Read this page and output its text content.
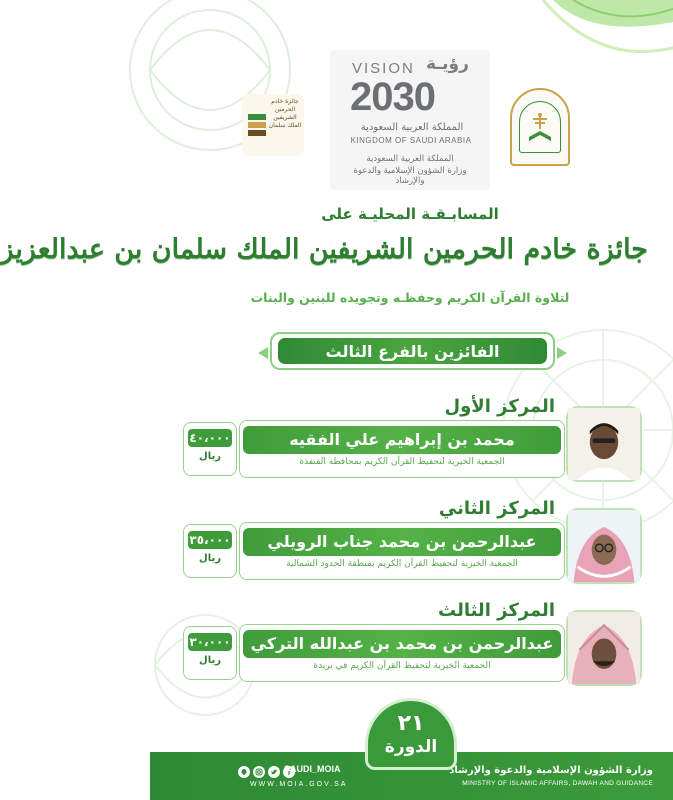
VISION رؤيـة
2030
المملكة العربية السعودية
KINGDOM OF SAUDI ARABIA
المملكة العربية السعودية
وزارة الشؤون الإسلامية والدعوة والإرشاد
جائزة خادم الحرمين الشريفين الملك سلمان
المسابـقـة المحليـة على
جائزة خادم الحرمين الشريفين الملك سلمان بن عبدالعزيز
لتلاوة القرآن الكريم وحفظـه وتجويده للبنين والبنات
الفائزين بالفرع الثالث
المركز الأول
محمد بن إبراهيم علي الفقيه
الجمعية الخيرية لتحفيظ القرآن الكريم بمحافظة القنفذة
٤٠،٠٠٠
ريال
المركز الثاني
عبدالرحمن بن محمد جناب الرويلي
الجمعية الخيرية لتحفيظ القرآن الكريم بمنطقة الحدود الشمالية
٣٥،٠٠٠
ريال
المركز الثالث
عبدالرحمن بن محمد بن عبدالله التركي
الجمعية الخيرية لتحفيظ القرآن الكريم في بريدة
٣٠،٠٠٠
ريال
٢١
الدورة
وزارة الشؤون الإسلامية والدعوة والإرشاد
MINISTRY OF ISLAMIC AFFAIRS, DAWAH AND GUIDANCE
SAUDI_MOIA
WWW.MOIA.GOV.SA
